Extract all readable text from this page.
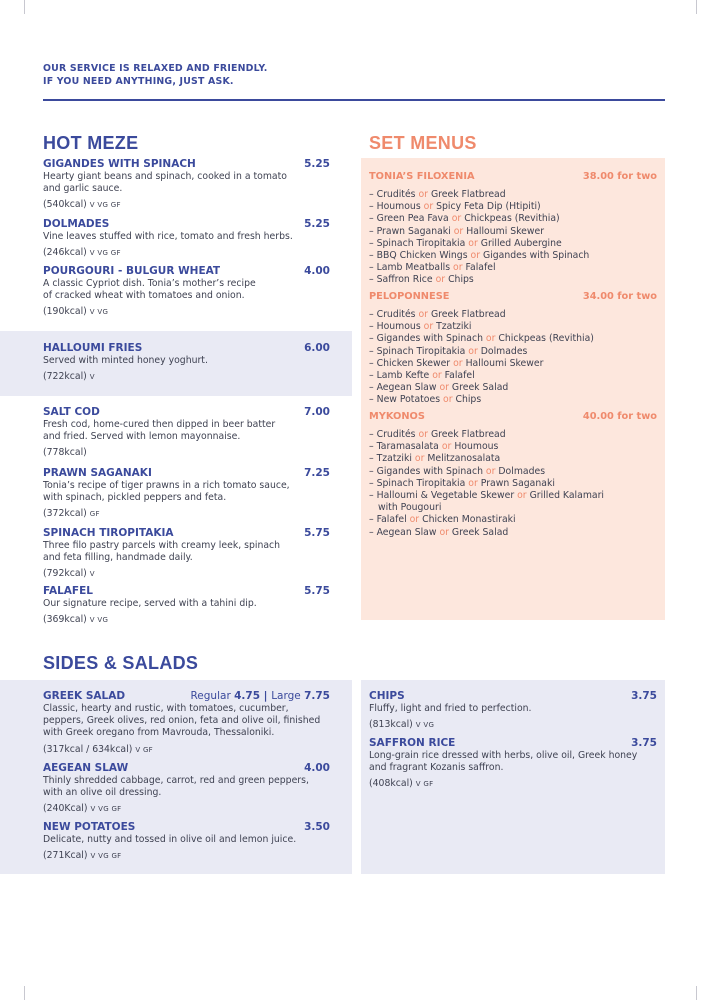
OUR SERVICE IS RELAXED AND FRIENDLY.
IF YOU NEED ANYTHING, JUST ASK.
HOT MEZE
GIGANDES WITH SPINACH	5.25
Hearty giant beans and spinach, cooked in a tomato
and garlic sauce.
(540kcal) V VG GF
DOLMADES	5.25
Vine leaves stuffed with rice, tomato and fresh herbs.
(246kcal) V VG GF
POURGOURI - BULGUR WHEAT	4.00
A classic Cypriot dish. Tonia’s mother’s recipe
of cracked wheat with tomatoes and onion.
(190kcal) V VG
HALLOUMI FRIES	6.00
Served with minted honey yoghurt.
(722kcal) V
SALT COD	7.00
Fresh cod, home-cured then dipped in beer batter
and fried. Served with lemon mayonnaise.
(778kcal)
PRAWN SAGANAKI	7.25
Tonia’s recipe of tiger prawns in a rich tomato sauce,
with spinach, pickled peppers and feta.
(372kcal) GF
SPINACH TIROPITAKIA	5.75
Three filo pastry parcels with creamy leek, spinach
and feta filling, handmade daily.
(792kcal) V
FALAFEL	5.75
Our signature recipe, served with a tahini dip.
(369kcal) V VG
SET MENUS
TONIA’S FILOXENIA	38.00 for two
– Crudités or Greek Flatbread
– Houmous or Spicy Feta Dip (Htipiti)
– Green Pea Fava or Chickpeas (Revithia)
– Prawn Saganaki or Halloumi Skewer
– Spinach Tiropitakia or Grilled Aubergine
– BBQ Chicken Wings or Gigandes with Spinach
– Lamb Meatballs or Falafel
– Saffron Rice or Chips
PELOPONNESE	34.00 for two
– Crudités or Greek Flatbread
– Houmous or Tzatziki
– Gigandes with Spinach or Chickpeas (Revithia)
– Spinach Tiropitakia or Dolmades
– Chicken Skewer or Halloumi Skewer
– Lamb Kefte or Falafel
– Aegean Slaw or Greek Salad
– New Potatoes or Chips
MYKONOS	40.00 for two
– Crudités or Greek Flatbread
– Taramasalata or Houmous
– Tzatziki or Melitzanosalata
– Gigandes with Spinach or Dolmades
– Spinach Tiropitakia or Prawn Saganaki
– Halloumi & Vegetable Skewer or Grilled Kalamari
with Pougouri
– Falafel or Chicken Monastiraki
– Aegean Slaw or Greek Salad
SIDES & SALADS
GREEK SALAD	Regular 4.75 | Large 7.75
Classic, hearty and rustic, with tomatoes, cucumber,
peppers, Greek olives, red onion, feta and olive oil, finished
with Greek oregano from Mavrouda, Thessaloniki.
(317kcal / 634kcal) V GF
AEGEAN SLAW	4.00
Thinly shredded cabbage, carrot, red and green peppers,
with an olive oil dressing.
(240Kcal) V VG GF
NEW POTATOES	3.50
Delicate, nutty and tossed in olive oil and lemon juice.
(271Kcal) V VG GF
CHIPS	3.75
Fluffy, light and fried to perfection.
(813kcal) V VG
SAFFRON RICE	3.75
Long-grain rice dressed with herbs, olive oil, Greek honey
and fragrant Kozanis saffron.
(408kcal) V GF
